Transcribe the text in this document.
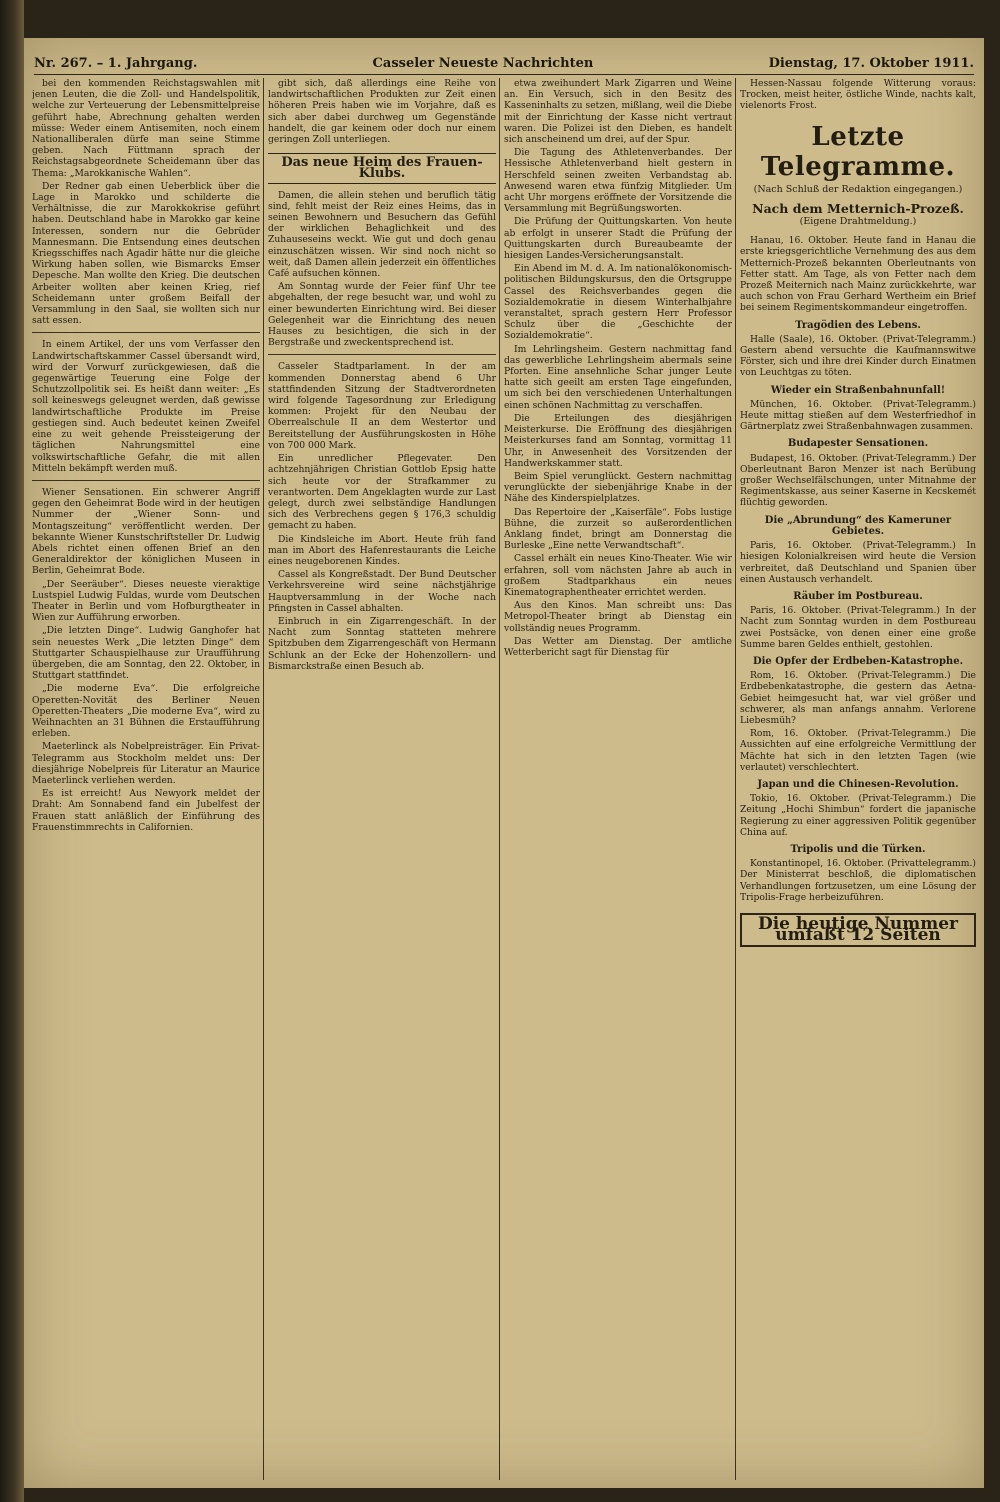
Nr. 267. – 1. Jahrgang.	Casseler Neueste Nachrichten	Dienstag, 17. Oktober 1911.

bei den kommenden Reichstagswahlen mit jenen Leuten, die die Zoll- und Handelspolitik, welche zur Verteuerung der Lebensmittelpreise geführt habe, Abrechnung gehalten werden müsse: Weder einem Antisemiten, noch einem Nationalliberalen dürfe man seine Stimme geben. Nach Füttmann sprach der Reichstagsabgeordnete Scheidemann über das Thema: „Marokkanische Wahlen“.

Der Redner gab einen Ueberblick über die Lage in Marokko und schilderte die Verhältnisse, die zur Marokkokrise geführt haben. Deutschland habe in Marokko gar keine Interessen, sondern nur die Gebrüder Mannesmann. Die Entsendung eines deutschen Kriegsschiffes nach Agadir hätte nur die gleiche Wirkung haben sollen, wie Bismarcks Emser Depesche. Man wollte den Krieg. Die deutschen Arbeiter wollten aber keinen Krieg, rief Scheidemann unter großem Beifall der Versammlung in den Saal, sie wollten sich nur satt essen.

In einem Artikel, der uns vom Verfasser den Landwirtschaftskammer Cassel übersandt wird, wird der Vorwurf zurückgewiesen, daß die gegenwärtige Teuerung eine Folge der Schutzzollpolitik sei. Es heißt dann weiter: „Es soll keineswegs geleugnet werden, daß gewisse landwirtschaftliche Produkte im Preise gestiegen sind. Auch bedeutet keinen Zweifel eine zu weit gehende Preissteigerung der täglichen Nahrungsmittel eine volkswirtschaftliche Gefahr, die mit allen Mitteln bekämpft werden muß.

Wiener Sensationen. Ein schwerer Angriff gegen den Geheimrat Bode wird in der heutigen Nummer der „Wiener Sonn- und Montagszeitung“ veröffentlicht werden. Der bekannte Wiener Kunstschriftsteller Dr. Ludwig Abels richtet einen offenen Brief an den Generaldirektor der königlichen Museen in Berlin, Geheimrat Bode.

„Der Seeräuber“. Dieses neueste vieraktige Lustspiel Ludwig Fuldas, wurde vom Deutschen Theater in Berlin und vom Hofburgtheater in Wien zur Aufführung erworben.

„Die letzten Dinge“. Ludwig Ganghofer hat sein neuestes Werk „Die letzten Dinge“ dem Stuttgarter Schauspielhause zur Uraufführung übergeben, die am Sonntag, den 22. Oktober, in Stuttgart stattfindet.

„Die moderne Eva“. Die erfolgreiche Operetten-Novität des Berliner Neuen Operetten-Theaters „Die moderne Eva“, wird zu Weihnachten an 31 Bühnen die Erstaufführung erleben.

Maeterlinck als Nobelpreisträger. Ein Privat-Telegramm aus Stockholm meldet uns: Der diesjährige Nobelpreis für Literatur an Maurice Maeterlinck verliehen werden.

Es ist erreicht! Aus Newyork meldet der Draht: Am Sonnabend fand ein Jubelfest der Frauen statt anläßlich der Einführung des Frauenstimmrechts in Californien.

gibt sich, daß allerdings eine Reihe von landwirtschaftlichen Produkten zur Zeit einen höheren Preis haben wie im Vorjahre, daß es sich aber dabei durchweg um Gegenstände handelt, die gar keinem oder doch nur einem geringen Zoll unterliegen.

Das neue Heim des Frauen-Klubs.

Damen, die allein stehen und beruflich tätig sind, fehlt meist der Reiz eines Heims, das in seinen Bewohnern und Besuchern das Gefühl der wirklichen Behaglichkeit und des Zuhauseseins weckt. Wie gut und doch genau einzuschätzen wissen. Wir sind noch nicht so weit, daß Damen allein jederzeit ein öffentliches Café aufsuchen können.

Am Sonntag wurde der Feier fünf Uhr tee abgehalten, der rege besucht war, und wohl zu einer bewunderten Einrichtung wird. Bei dieser Gelegenheit war die Einrichtung des neuen Hauses zu besichtigen, die sich in der Bergstraße und zweckentsprechend ist.

Casseler Stadtparlament. In der am kommenden Donnerstag abend 6 Uhr stattfindenden Sitzung der Stadtverordneten wird folgende Tagesordnung zur Erledigung kommen: Projekt für den Neubau der Oberrealschule II an dem Westertor und Bereitstellung der Ausführungskosten in Höhe von 700 000 Mark.

Ein unredlicher Pflegevater. Den achtzehnjährigen Christian Gottlob Epsig hatte sich heute vor der Strafkammer zu verantworten. Dem Angeklagten wurde zur Last gelegt, durch zwei selbständige Handlungen sich des Verbrechens gegen § 176,3 schuldig gemacht zu haben.

Die Kindsleiche im Abort. Heute früh fand man im Abort des Hafenrestaurants die Leiche eines neugeborenen Kindes.

Cassel als Kongreßstadt. Der Bund Deutscher Verkehrsvereine wird seine nächstjährige Hauptversammlung in der Woche nach Pfingsten in Cassel abhalten.

Einbruch in ein Zigarrengeschäft. In der Nacht zum Sonntag statteten mehrere Spitzbuben dem Zigarrengeschäft von Hermann Schlunk an der Ecke der Hohenzollern- und Bismarckstraße einen Besuch ab.

etwa zweihundert Mark Zigarren und Weine an. Ein Versuch, sich in den Besitz des Kasseninhalts zu setzen, mißlang, weil die Diebe mit der Einrichtung der Kasse nicht vertraut waren. Die Polizei ist den Dieben, es handelt sich anscheinend um drei, auf der Spur.

Die Tagung des Athletenverbandes. Der Hessische Athletenverband hielt gestern in Herschfeld seinen zweiten Verbandstag ab. Anwesend waren etwa fünfzig Mitglieder. Um acht Uhr morgens eröffnete der Vorsitzende die Versammlung mit Begrüßungsworten.

Die Prüfung der Quittungskarten. Von heute ab erfolgt in unserer Stadt die Prüfung der Quittungskarten durch Bureaubeamte der hiesigen Landes-Versicherungsanstalt.

Ein Abend im M. d. A. Im nationalökonomisch-politischen Bildungskursus, den die Ortsgruppe Cassel des Reichsverbandes gegen die Sozialdemokratie in diesem Winterhalbjahre veranstaltet, sprach gestern Herr Professor Schulz über die „Geschichte der Sozialdemokratie“.

Im Lehrlingsheim. Gestern nachmittag fand das gewerbliche Lehrlingsheim abermals seine Pforten. Eine ansehnliche Schar junger Leute hatte sich geeilt am ersten Tage eingefunden, um sich bei den verschiedenen Unterhaltungen einen schönen Nachmittag zu verschaffen.

Die Erteilungen des diesjährigen Meisterkurse. Die Eröffnung des diesjährigen Meisterkurses fand am Sonntag, vormittag 11 Uhr, in Anwesenheit des Vorsitzenden der Handwerkskammer statt.

Beim Spiel verunglückt. Gestern nachmittag verunglückte der siebenjährige Knabe in der Nähe des Kinderspielplatzes.

Das Repertoire der „Kaiserfäle“. Fobs lustige Bühne, die zurzeit so außerordentlichen Anklang findet, bringt am Donnerstag die Burleske „Eine nette Verwandtschaft“.

Cassel erhält ein neues Kino-Theater. Wie wir erfahren, soll vom nächsten Jahre ab auch in großem Stadtparkhaus ein neues Kinematographentheater errichtet werden.

Aus den Kinos. Man schreibt uns: Das Metropol-Theater bringt ab Dienstag ein vollständig neues Programm.

Das Wetter am Dienstag. Der amtliche Wetterbericht sagt für Dienstag für

Hessen-Nassau folgende Witterung voraus: Trocken, meist heiter, östliche Winde, nachts kalt, vielenorts Frost.

Letzte Telegramme.
(Nach Schluß der Redaktion eingegangen.)
Nach dem Metternich-Prozeß.
(Eigene Drahtmeldung.)

Hanau, 16. Oktober. Heute fand in Hanau die erste kriegsgerichtliche Vernehmung des aus dem Metternich-Prozeß bekannten Oberleutnants von Fetter statt. Am Tage, als von Fetter nach dem Prozeß Meiternich nach Mainz zurückkehrte, war auch schon von Frau Gerhard Wertheim ein Brief bei seinem Regimentskommandeur eingetroffen.

Tragödien des Lebens.

Halle (Saale), 16. Oktober. (Privat-Telegramm.) Gestern abend versuchte die Kaufmannswitwe Förster, sich und ihre drei Kinder durch Einatmen von Leuchtgas zu töten.

Wieder ein Straßenbahnunfall!

München, 16. Oktober. (Privat-Telegramm.) Heute mittag stießen auf dem Westerfriedhof in Gärtnerplatz zwei Straßenbahnwagen zusammen.

Budapester Sensationen.

Budapest, 16. Oktober. (Privat-Telegramm.) Der Oberleutnant Baron Menzer ist nach Berübung großer Wechselfälschungen, unter Mitnahme der Regimentskasse, aus seiner Kaserne in Kecskemét flüchtig geworden.

Die „Abrundung“ des Kameruner Gebietes.

Paris, 16. Oktober. (Privat-Telegramm.) In hiesigen Kolonialkreisen wird heute die Version verbreitet, daß Deutschland und Spanien über einen Austausch verhandelt.

Räuber im Postbureau.

Paris, 16. Oktober. (Privat-Telegramm.) In der Nacht zum Sonntag wurden in dem Postbureau zwei Postsäcke, von denen einer eine große Summe baren Geldes enthielt, gestohlen.

Die Opfer der Erdbeben-Katastrophe.

Rom, 16. Oktober. (Privat-Telegramm.) Die Erdbebenkatastrophe, die gestern das Aetna-Gebiet heimgesucht hat, war viel größer und schwerer, als man anfangs annahm. Verlorene Liebesmüh?

Rom, 16. Oktober. (Privat-Telegramm.) Die Aussichten auf eine erfolgreiche Vermittlung der Mächte hat sich in den letzten Tagen (wie verlautet) verschlechtert.

Japan und die Chinesen-Revolution.

Tokio, 16. Oktober. (Privat-Telegramm.) Die Zeitung „Hochi Shimbun“ fordert die japanische Regierung zu einer aggressiven Politik gegenüber China auf.

Tripolis und die Türken.

Konstantinopel, 16. Oktober. (Privattelegramm.) Der Ministerrat beschloß, die diplomatischen Verhandlungen fortzusetzen, um eine Lösung der Tripolis-Frage herbeizuführen.

Die heutige Nummer umfaßt 12 Seiten
